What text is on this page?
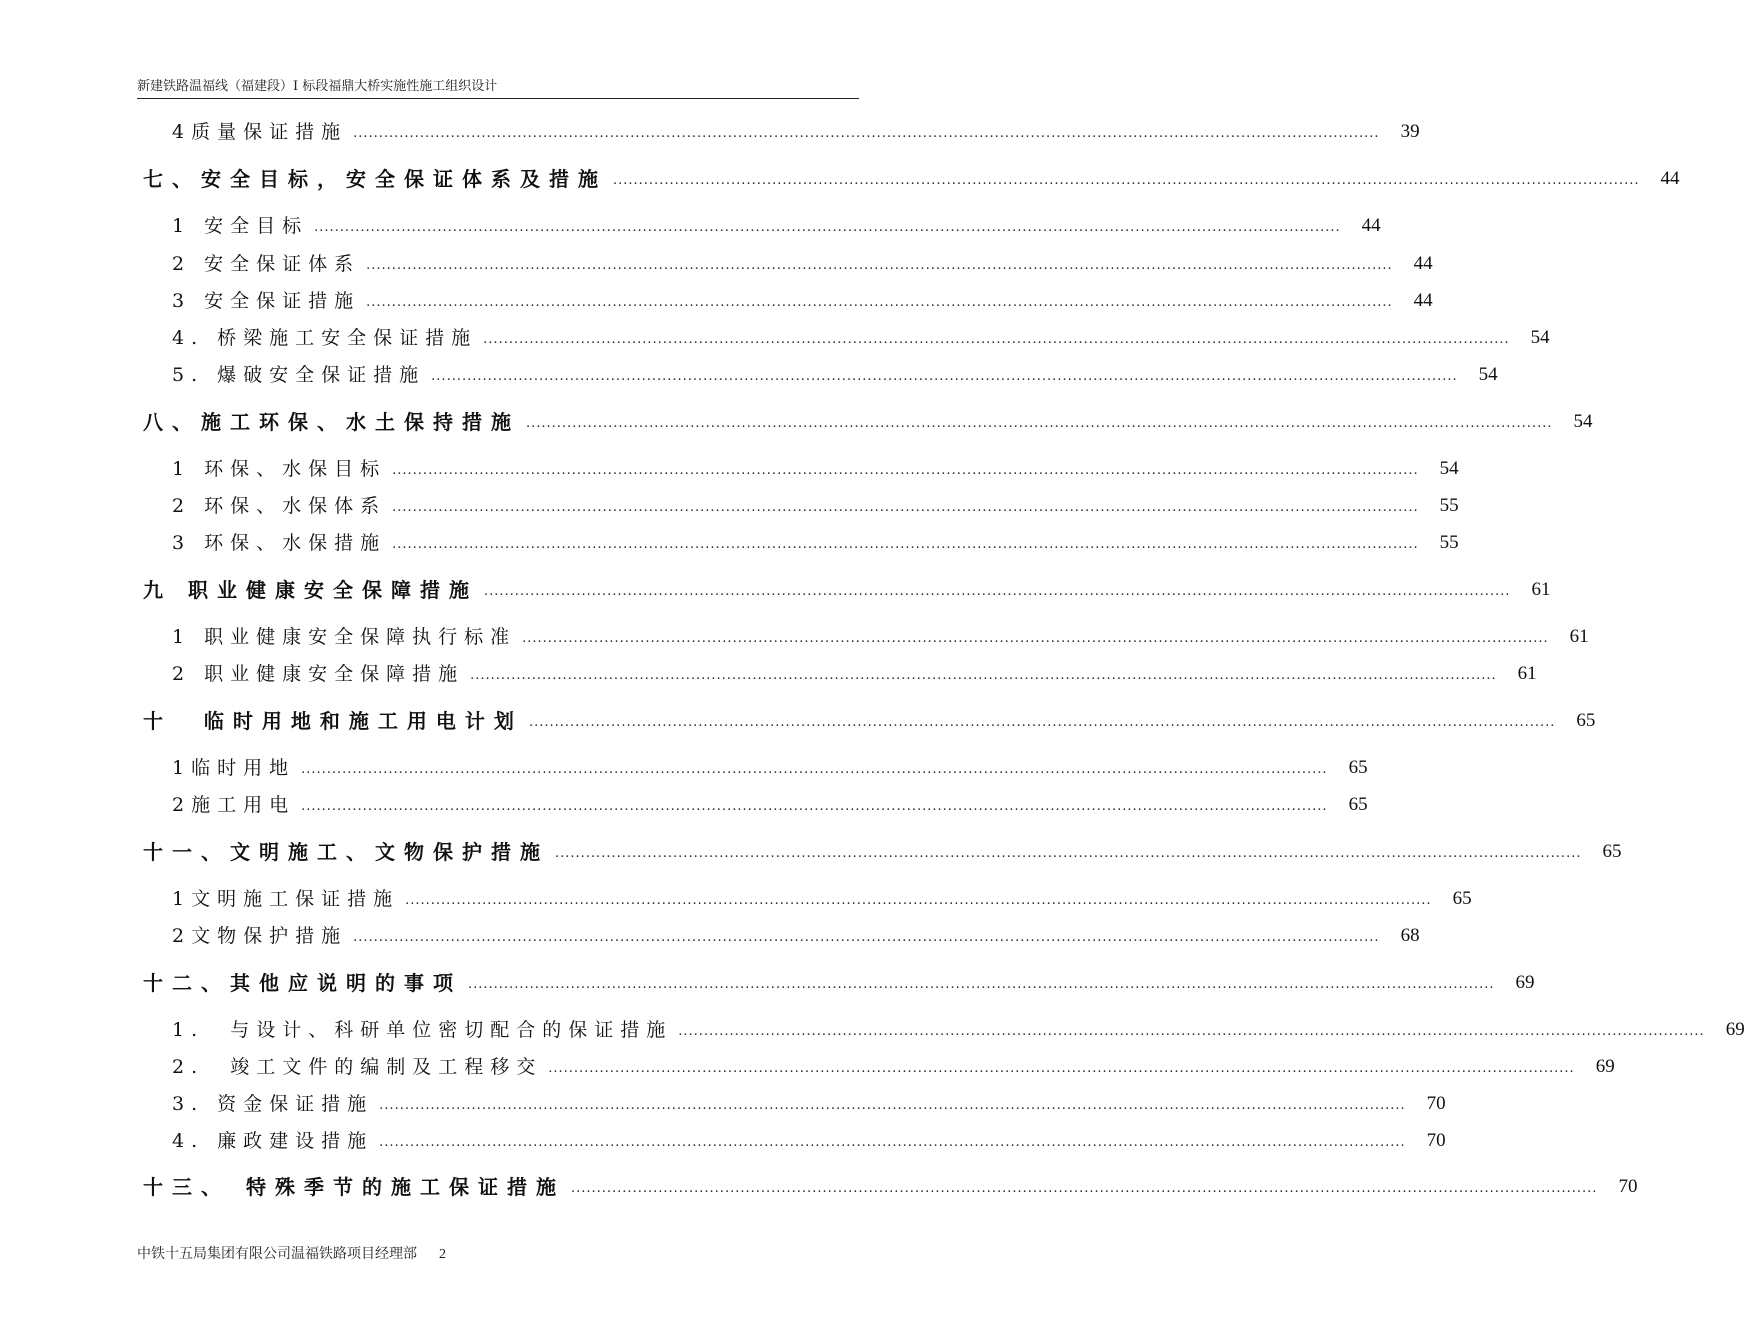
新建铁路温福线（福建段）I 标段福鼎大桥实施性施工组织设计
4质量保证措施 ........................................................................................................................................................................................................	39
七、安全目标，安全保证体系及措施 ........................................................................................................................................................................................................	44
1 安全目标 ........................................................................................................................................................................................................	44
2 安全保证体系 ........................................................................................................................................................................................................	44
3 安全保证措施 ........................................................................................................................................................................................................	44
4. 桥梁施工安全保证措施 ........................................................................................................................................................................................................	54
5. 爆破安全保证措施 ........................................................................................................................................................................................................	54
八、施工环保、水土保持措施 ........................................................................................................................................................................................................	54
1 环保、水保目标 ........................................................................................................................................................................................................	54
2 环保、水保体系 ........................................................................................................................................................................................................	55
3 环保、水保措施 ........................................................................................................................................................................................................	55
九 职业健康安全保障措施 ........................................................................................................................................................................................................	61
1 职业健康安全保障执行标准 ........................................................................................................................................................................................................	61
2 职业健康安全保障措施 ........................................................................................................................................................................................................	61
十  临时用地和施工用电计划 ........................................................................................................................................................................................................	65
1临时用地 ........................................................................................................................................................................................................	65
2施工用电 ........................................................................................................................................................................................................	65
十一、文明施工、文物保护措施 ........................................................................................................................................................................................................	65
1文明施工保证措施 ........................................................................................................................................................................................................	65
2文物保护措施 ........................................................................................................................................................................................................	68
十二、其他应说明的事项 ........................................................................................................................................................................................................	69
1.  与设计、科研单位密切配合的保证措施 ........................................................................................................................................................................................................	69
2.  竣工文件的编制及工程移交 ........................................................................................................................................................................................................	69
3. 资金保证措施 ........................................................................................................................................................................................................	70
4. 廉政建设措施 ........................................................................................................................................................................................................	70
十三、 特殊季节的施工保证措施 ........................................................................................................................................................................................................	70
中铁十五局集团有限公司温福铁路项目经理部 2
